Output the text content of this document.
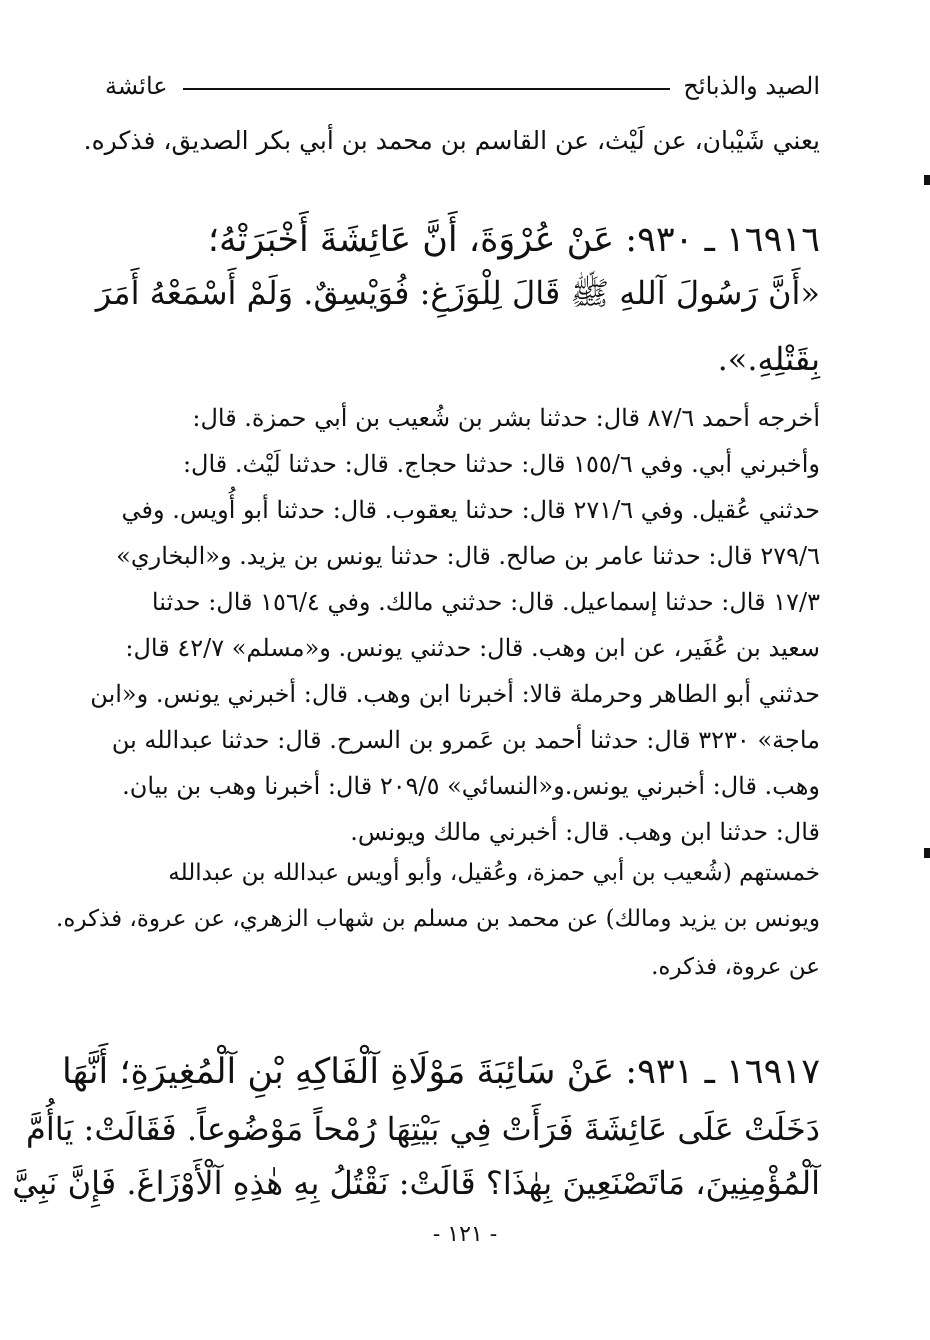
الصيد والذبائح
عائشة
يعني شَيْبان، عن لَيْث، عن القاسم بن محمد بن أبي بكر الصديق، فذكره.
١٦٩١٦ ـ ٩٣٠: عَنْ عُرْوَةَ، أَنَّ عَائِشَةَ أَخْبَرَتْهُ؛
«أَنَّ رَسُولَ آللهِ ﷺ قَالَ لِلْوَزَغِ: فُوَيْسِقٌ. وَلَمْ أَسْمَعْهُ أَمَرَ
بِقَتْلِهِ.».
أخرجه أحمد ٨٧/٦ قال: حدثنا بشر بن شُعيب بن أبي حمزة. قال:
وأخبرني أبي. وفي ١٥٥/٦ قال: حدثنا حجاج. قال: حدثنا لَيْث. قال:
حدثني عُقيل. وفي ٢٧١/٦ قال: حدثنا يعقوب. قال: حدثنا أبو أُويس. وفي
٢٧٩/٦ قال: حدثنا عامر بن صالح. قال: حدثنا يونس بن يزيد. و«البخاري»
١٧/٣ قال: حدثنا إسماعيل. قال: حدثني مالك. وفي ١٥٦/٤ قال: حدثنا
سعيد بن عُفَير، عن ابن وهب. قال: حدثني يونس. و«مسلم» ٤٢/٧ قال:
حدثني أبو الطاهر وحرملة قالا: أخبرنا ابن وهب. قال: أخبرني يونس. و«ابن
ماجة» ٣٢٣٠ قال: حدثنا أحمد بن عَمرو بن السرح. قال: حدثنا عبدالله بن
وهب. قال: أخبرني يونس.و«النسائي» ٢٠٩/٥ قال: أخبرنا وهب بن بيان.
قال: حدثنا ابن وهب. قال: أخبرني مالك ويونس.
خمستهم (شُعيب بن أبي حمزة، وعُقيل، وأبو أويس عبدالله بن عبدالله
ويونس بن يزيد ومالك) عن محمد بن مسلم بن شهاب الزهري، عن عروة، فذكره.
عن عروة، فذكره.
١٦٩١٧ ـ ٩٣١: عَنْ سَائِبَةَ مَوْلَاةِ آلْفَاكِهِ بْنِ آلْمُغِيرَةِ؛ أَنَّهَا
دَخَلَتْ عَلَى عَائِشَةَ فَرَأَتْ فِي بَيْتِهَا رُمْحاً مَوْضُوعاً. فَقَالَتْ: يَاأُمَّ
آلْمُؤْمِنِينَ، مَاتَصْنَعِينَ بِهٰذَا؟ قَالَتْ: نَقْتُلُ بِهِ هٰذِهِ آلْأَوْزَاغَ. فَإِنَّ نَبِيَّ
- ١٢١ -
